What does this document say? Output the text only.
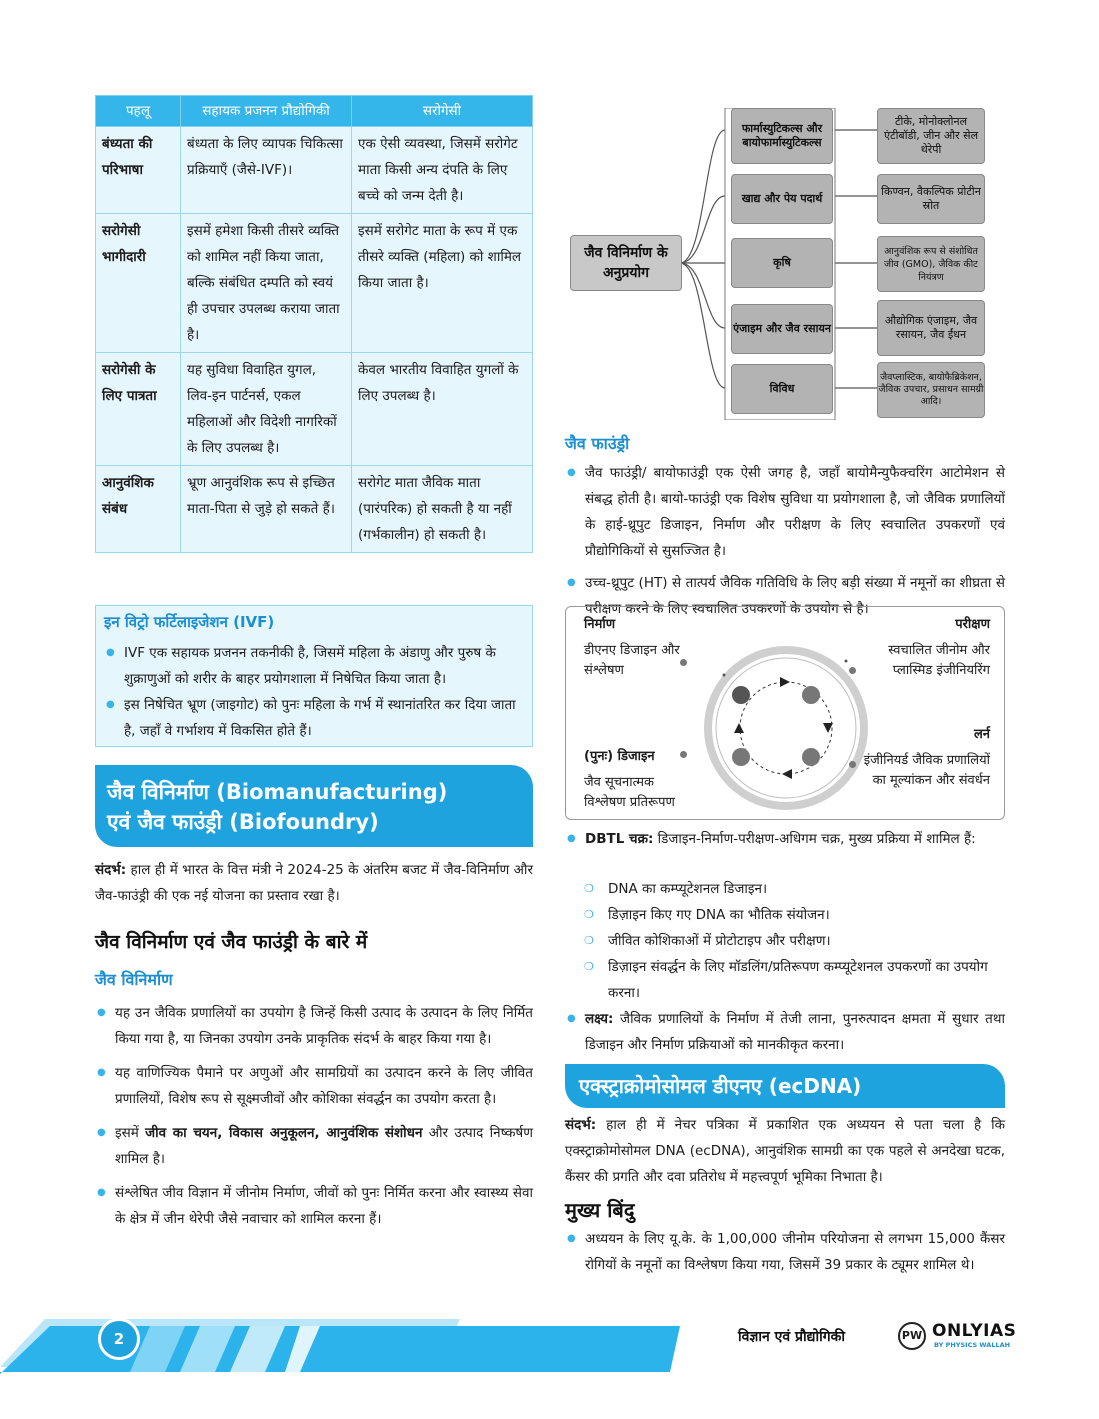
पहलू	सहायक प्रजनन प्रौद्योगिकी	सरोगेसी
बंध्यता की परिभाषा	बंध्यता के लिए व्यापक चिकित्सा प्रक्रियाएँ (जैसे-IVF)।	एक ऐसी व्यवस्था, जिसमें सरोगेट माता किसी अन्य दंपति के लिए बच्चे को जन्म देती है।
सरोगेसी भागीदारी	इसमें हमेशा किसी तीसरे व्यक्ति को शामिल नहीं किया जाता, बल्कि संबंधित दम्पति को स्वयं ही उपचार उपलब्ध कराया जाता है।	इसमें सरोगेट माता के रूप में एक तीसरे व्यक्ति (महिला) को शामिल किया जाता है।
सरोगेसी के लिए पात्रता	यह सुविधा विवाहित युगल, लिव-इन पार्टनर्स, एकल महिलाओं और विदेशी नागरिकों के लिए उपलब्ध है।	केवल भारतीय विवाहित युगलों के लिए उपलब्ध है।
आनुवंशिक संबंध	भ्रूण आनुवंशिक रूप से इच्छित माता-पिता से जुड़े हो सकते हैं।	सरोगेट माता जैविक माता (पारंपरिक) हो सकती है या नहीं (गर्भकालीन) हो सकती है।
इन विट्रो फर्टिलाइजेशन (IVF)
● IVF एक सहायक प्रजनन तकनीकी है, जिसमें महिला के अंडाणु और पुरुष के शुक्राणुओं को शरीर के बाहर प्रयोगशाला में निषेचित किया जाता है।
● इस निषेचित भ्रूण (जाइगोट) को पुनः महिला के गर्भ में स्थानांतरित कर दिया जाता है, जहाँ वे गर्भाशय में विकसित होते हैं।
जैव विनिर्माण (Biomanufacturing)
एवं जैव फाउंड्री (Biofoundry)
संदर्भ: हाल ही में भारत के वित्त मंत्री ने 2024-25 के अंतरिम बजट में जैव-विनिर्माण और जैव-फाउंड्री की एक नई योजना का प्रस्ताव रखा है।
जैव विनिर्माण एवं जैव फाउंड्री के बारे में
जैव विनिर्माण
● यह उन जैविक प्रणालियों का उपयोग है जिन्हें किसी उत्पाद के उत्पादन के लिए निर्मित किया गया है, या जिनका उपयोग उनके प्राकृतिक संदर्भ के बाहर किया गया है।
● यह वाणिज्यिक पैमाने पर अणुओं और सामग्रियों का उत्पादन करने के लिए जीवित प्रणालियों, विशेष रूप से सूक्ष्मजीवों और कोशिका संवर्द्धन का उपयोग करता है।
● इसमें जीव का चयन, विकास अनुकूलन, आनुवंशिक संशोधन और उत्पाद निष्कर्षण शामिल है।
● संश्लेषित जीव विज्ञान में जीनोम निर्माण, जीवों को पुनः निर्मित करना और स्वास्थ्य सेवा के क्षेत्र में जीन थेरेपी जैसे नवाचार को शामिल करना हैं।
जैव विनिर्माण के अनुप्रयोग
फार्मास्युटिकल्स और बायोफार्मास्युटिकल्स
खाद्य और पेय पदार्थ
कृषि
एंजाइम और जैव रसायन
विविध
टीके, मोनोक्लोनल एंटीबॉडी, जीन और सेल थेरेपी
किण्वन, वैकल्पिक प्रोटीन स्रोत
आनुवंशिक रूप से संशोधित जीव (GMO), जैविक कीट नियंत्रण
औद्योगिक एंजाइम, जैव रसायन, जैव ईंधन
जैवप्लास्टिक, बायोफैब्रिकेशन, जैविक उपचार, प्रसाधन सामग्री आदि।
जैव फाउंड्री
● जैव फाउंड्री/ बायोफाउंड्री एक ऐसी जगह है, जहाँ बायोमैन्युफैक्चरिंग आटोमेशन से संबद्ध होती है। बायो-फाउंड्री एक विशेष सुविधा या प्रयोगशाला है, जो जैविक प्रणालियों के हाई-थ्रूपुट डिजाइन, निर्माण और परीक्षण के लिए स्वचालित उपकरणों एवं प्रौद्योगिकियों से सुसज्जित है।
● उच्च-थ्रूपुट (HT) से तात्पर्य जैविक गतिविधि के लिए बड़ी संख्या में नमूनों का शीघ्रता से परीक्षण करने के लिए स्वचालित उपकरणों के उपयोग से है।
निर्माण
डीएनए डिजाइन और संश्लेषण
परीक्षण
स्वचालित जीनोम और प्लास्मिड इंजीनियरिंग
लर्न
इंजीनियर्ड जैविक प्रणालियों का मूल्यांकन और संवर्धन
(पुनः) डिजाइन
जैव सूचनात्मक विश्लेषण प्रतिरूपण
● DBTL चक्र: डिजाइन-निर्माण-परीक्षण-अधिगम चक्र, मुख्य प्रक्रिया में शामिल हैं:
❍ DNA का कम्प्यूटेशनल डिजाइन।
❍ डिज़ाइन किए गए DNA का भौतिक संयोजन।
❍ जीवित कोशिकाओं में प्रोटोटाइप और परीक्षण।
❍ डिज़ाइन संवर्द्धन के लिए मॉडलिंग/प्रतिरूपण कम्प्यूटेशनल उपकरणों का उपयोग करना।
● लक्ष्य: जैविक प्रणालियों के निर्माण में तेजी लाना, पुनरुत्पादन क्षमता में सुधार तथा डिजाइन और निर्माण प्रक्रियाओं को मानकीकृत करना।
एक्स्ट्राक्रोमोसोमल डीएनए (ecDNA)
संदर्भ: हाल ही में नेचर पत्रिका में प्रकाशित एक अध्ययन से पता चला है कि एक्स्ट्राक्रोमोसोमल DNA (ecDNA), आनुवंशिक सामग्री का एक पहले से अनदेखा घटक, कैंसर की प्रगति और दवा प्रतिरोध में महत्त्वपूर्ण भूमिका निभाता है।
मुख्य बिंदु
● अध्ययन के लिए यू.के. के 1,00,000 जीनोम परियोजना से लगभग 15,000 कैंसर रोगियों के नमूनों का विश्लेषण किया गया, जिसमें 39 प्रकार के ट्यूमर शामिल थे।
2	विज्ञान एवं प्रौद्योगिकी	PW ONLYIAS
BY PHYSICS WALLAH
